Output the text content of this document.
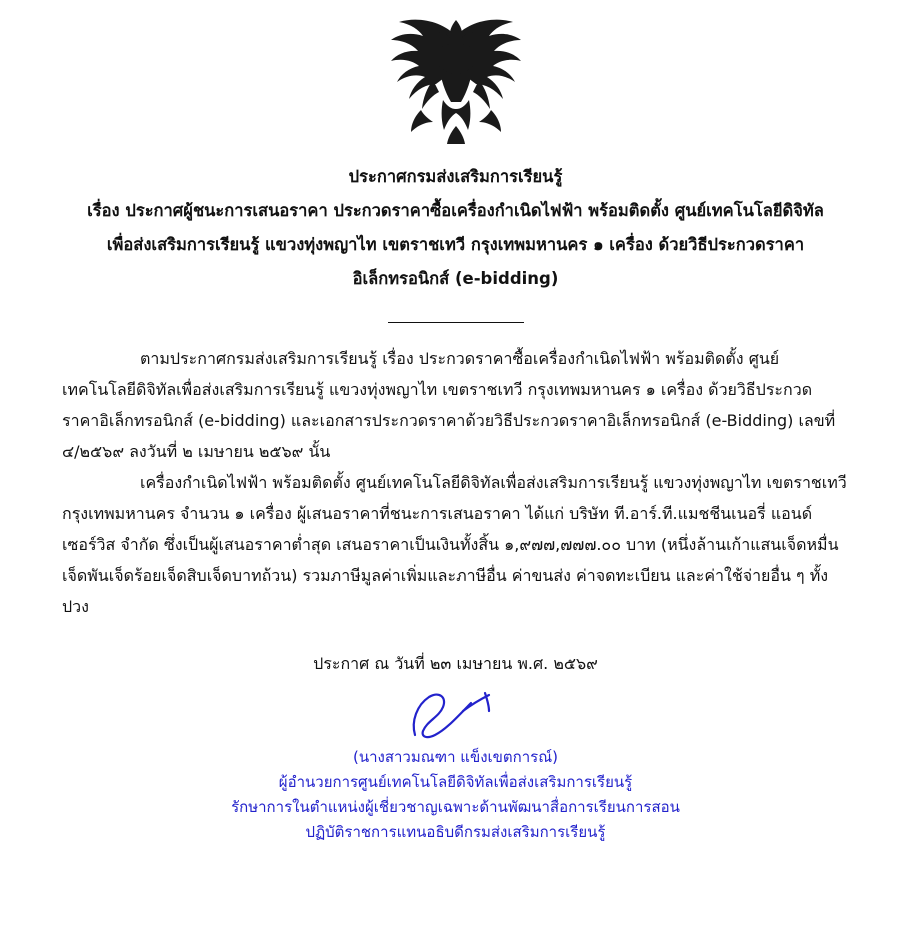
ประกาศกรมส่งเสริมการเรียนรู้
เรื่อง ประกาศผู้ชนะการเสนอราคา ประกวดราคาซื้อเครื่องกำเนิดไฟฟ้า พร้อมติดตั้ง ศูนย์เทคโนโลยีดิจิทัล
เพื่อส่งเสริมการเรียนรู้ แขวงทุ่งพญาไท เขตราชเทวี กรุงเทพมหานคร ๑ เครื่อง ด้วยวิธีประกวดราคา
อิเล็กทรอนิกส์ (e-bidding)

ตามประกาศกรมส่งเสริมการเรียนรู้ เรื่อง ประกวดราคาซื้อเครื่องกำเนิดไฟฟ้า พร้อมติดตั้ง ศูนย์เทคโนโลยีดิจิทัลเพื่อส่งเสริมการเรียนรู้ แขวงทุ่งพญาไท เขตราชเทวี กรุงเทพมหานคร ๑ เครื่อง ด้วยวิธีประกวดราคาอิเล็กทรอนิกส์ (e-bidding) และเอกสารประกวดราคาด้วยวิธีประกวดราคาอิเล็กทรอนิกส์ (e-Bidding) เลขที่ ๔/๒๕๖๙ ลงวันที่ ๒ เมษายน ๒๕๖๙ นั้น

เครื่องกำเนิดไฟฟ้า พร้อมติดตั้ง ศูนย์เทคโนโลยีดิจิทัลเพื่อส่งเสริมการเรียนรู้ แขวงทุ่งพญาไท เขตราชเทวี กรุงเทพมหานคร จำนวน ๑ เครื่อง ผู้เสนอราคาที่ชนะการเสนอราคา ได้แก่ บริษัท ที.อาร์.ที.แมชชีนเนอรี่ แอนด์ เซอร์วิส จำกัด ซึ่งเป็นผู้เสนอราคาต่ำสุด เสนอราคาเป็นเงินทั้งสิ้น ๑,๙๗๗,๗๗๗.๐๐ บาท (หนึ่งล้านเก้าแสนเจ็ดหมื่นเจ็ดพันเจ็ดร้อยเจ็ดสิบเจ็ดบาทถ้วน) รวมภาษีมูลค่าเพิ่มและภาษีอื่น ค่าขนส่ง ค่าจดทะเบียน และค่าใช้จ่ายอื่น ๆ ทั้งปวง

ประกาศ ณ วันที่ ๒๓ เมษายน พ.ศ. ๒๕๖๙
(นางสาวมณฑา แข็งเขตการณ์)
ผู้อำนวยการศูนย์เทคโนโลยีดิจิทัลเพื่อส่งเสริมการเรียนรู้
รักษาการในตำแหน่งผู้เชี่ยวชาญเฉพาะด้านพัฒนาสื่อการเรียนการสอน
ปฏิบัติราชการแทนอธิบดีกรมส่งเสริมการเรียนรู้
